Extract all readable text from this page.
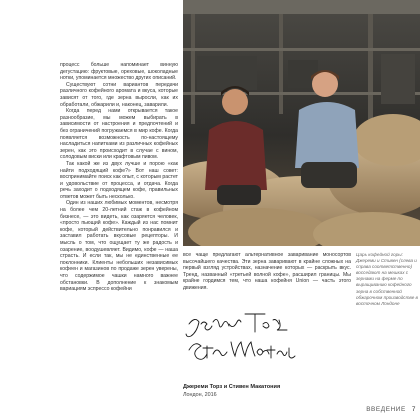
процесс больше напоминает винную дегустацию: фруктовые, ореховые, шоколадные нотки, упоминается множество других описаний.

Существуют сотни вариантов передачи различного кофейного аромата и вкуса, которые зависят от того, где зерна выросли, как их обработали, обжарили и, наконец, заварили.

Когда перед нами открывается такое разнообразие, мы можем выбирать в зависимости от настроения и предпочтений и без ограничений погружаемся в мир кофе. Когда появляется возможность по-настоящему насладиться напитками из различных кофейных зерен, как это происходит в случае с вином, солодовым виски или крафтовым пивом.

Так какой же из двух лучше и порою «как найти подходящий кофе?» Вот наш совет: воспринимайте поиск как опыт, с которым растет и удовольствие от процесса, и отдача. Когда речь заходит о подходящем кофе, правильных ответов может быть несколько.

Один из наших любимых моментов, несмотря на более чем 20-летний стаж в кофейном бизнесе, — это видеть, как озаряется человек, «просто пьющий кофе». Каждый из нас помнит кофе, который действительно понравился и заставил работать вкусовые рецепторы. И мысль о том, что ощущает ту же радость и озарение, воодушевляет. Видимо, кофе — наша страсть. И если так, мы не единственные ее поклонники. Клиенты небольших независимых кофеен и магазинов по продаже зерен уверены, что содержимое чашки намного важнее обстановки. В дополнение к знакомым вариациям эспрессо кофейни

все чаще предлагают альтернативное заваривание моносортов высочайшего качества. Эти зерна заваривают в крайне сложных на первый взгляд устройствах, назначение которых — раскрыть вкус. Тренд, названный «третьей волной кофе», расширил границы. Мы крайне гордимся тем, что наша кофейня Union — часть этого движения.

Царь кофейной горы: Джереми и Стивен (слева и справа соответственно) восседают на мешках с зернами на ферме по выращиванию кофейного зерна в собственной обжарочном производстве в восточном Лондоне
Джереми Торз и Стивен Макатония
Лондон, 2016
ВВЕДЕНИЕ 7
